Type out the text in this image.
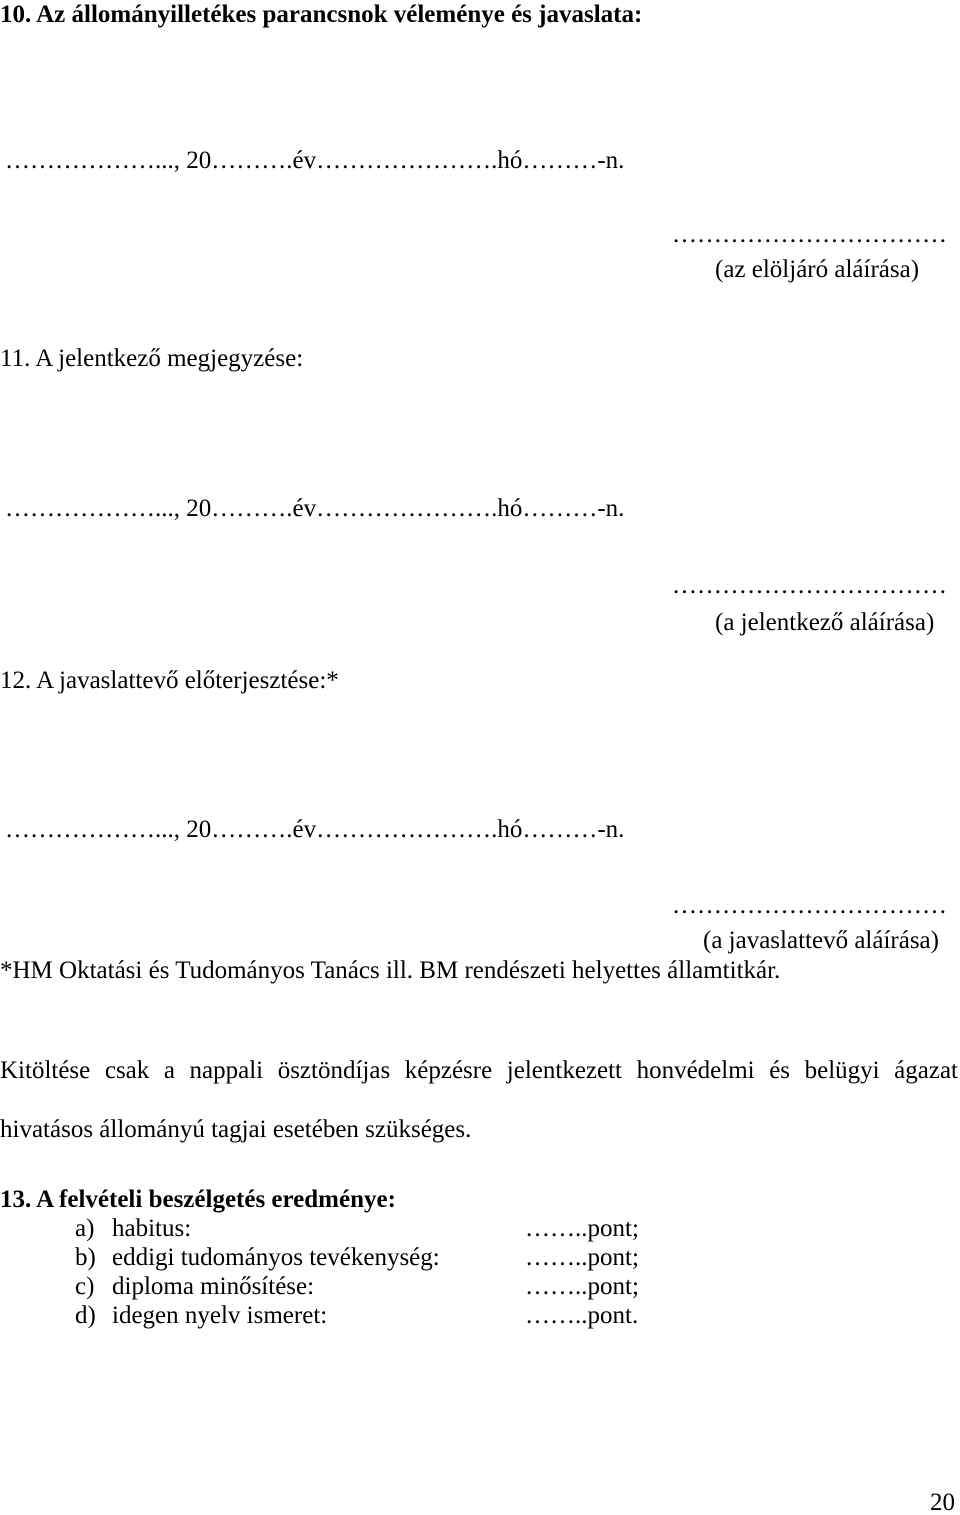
10. Az állományilletékes parancsnok véleménye és javaslata:
………………..., 20……….év………………….hó………-n.
……………………………
(az elöljáró aláírása)
11. A jelentkező megjegyzése:
………………..., 20……….év………………….hó………-n.
……………………………
(a jelentkező aláírása)
12. A javaslattevő előterjesztése:*
………………..., 20……….év………………….hó………-n.
……………………………
(a javaslattevő aláírása)
*HM Oktatási és Tudományos Tanács ill. BM rendészeti helyettes államtitkár.

Kitöltése csak a nappali ösztöndíjas képzésre jelentkezett honvédelmi és belügyi ágazat hivatásos állományú tagjai esetében szükséges.

13. A felvételi beszélgetés eredménye:
a) habitus:	……..pont;
b) eddigi tudományos tevékenység:	……..pont;
c) diploma minősítése:	……..pont;
d) idegen nyelv ismeret:	……..pont.
20
